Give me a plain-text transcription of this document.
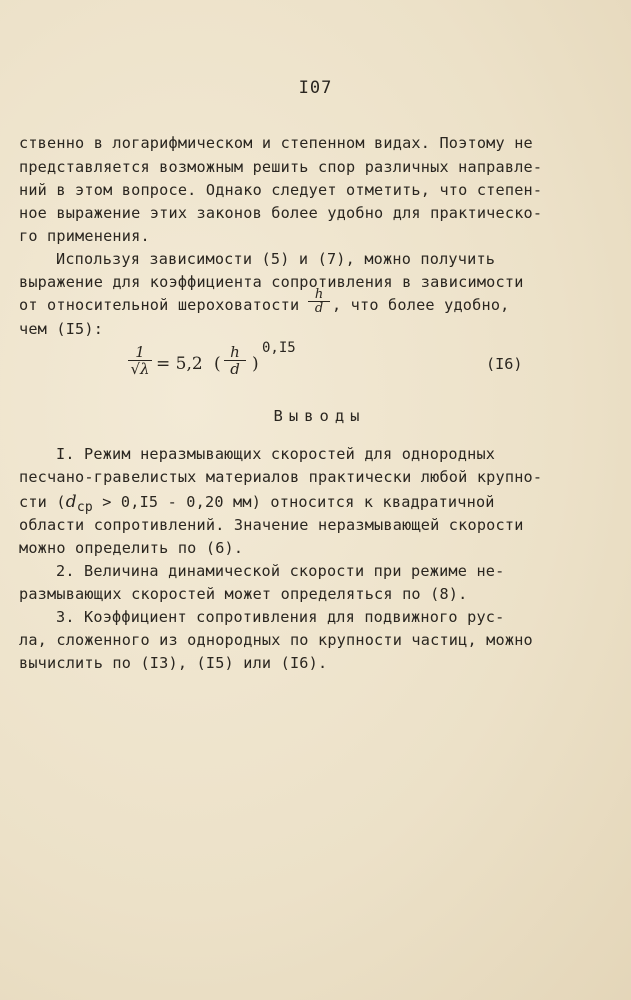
I07
ственно в логарифмическом и степенном видах. Поэтому не
представляется возможным решить спор различных направле-
ний в этом вопросе. Однако следует отметить, что степен-
ное выражение этих законов более удобно для практическо-
го применения.
Используя зависимости (5) и (7), можно получить
выражение для коэффициента сопротивления в зависимости
от относительной шероховатости
h
d , что более удобно,
чем (I5):
1
√λ = 5,2 (
h
d )
0,I5
(I6)
Выводы
I. Режим неразмывающих скоростей для однородных
песчано-гравелистых материалов практически любой крупно-
сти (dср > 0,I5 - 0,20 мм) относится к квадратичной
области сопротивлений. Значение неразмывающей скорости
можно определить по (6).
2. Величина динамической скорости при режиме не-
размывающих скоростей может определяться по (8).
3. Коэффициент сопротивления для подвижного рус-
ла, сложенного из однородных по крупности частиц, можно
вычислить по (I3), (I5) или (I6).
